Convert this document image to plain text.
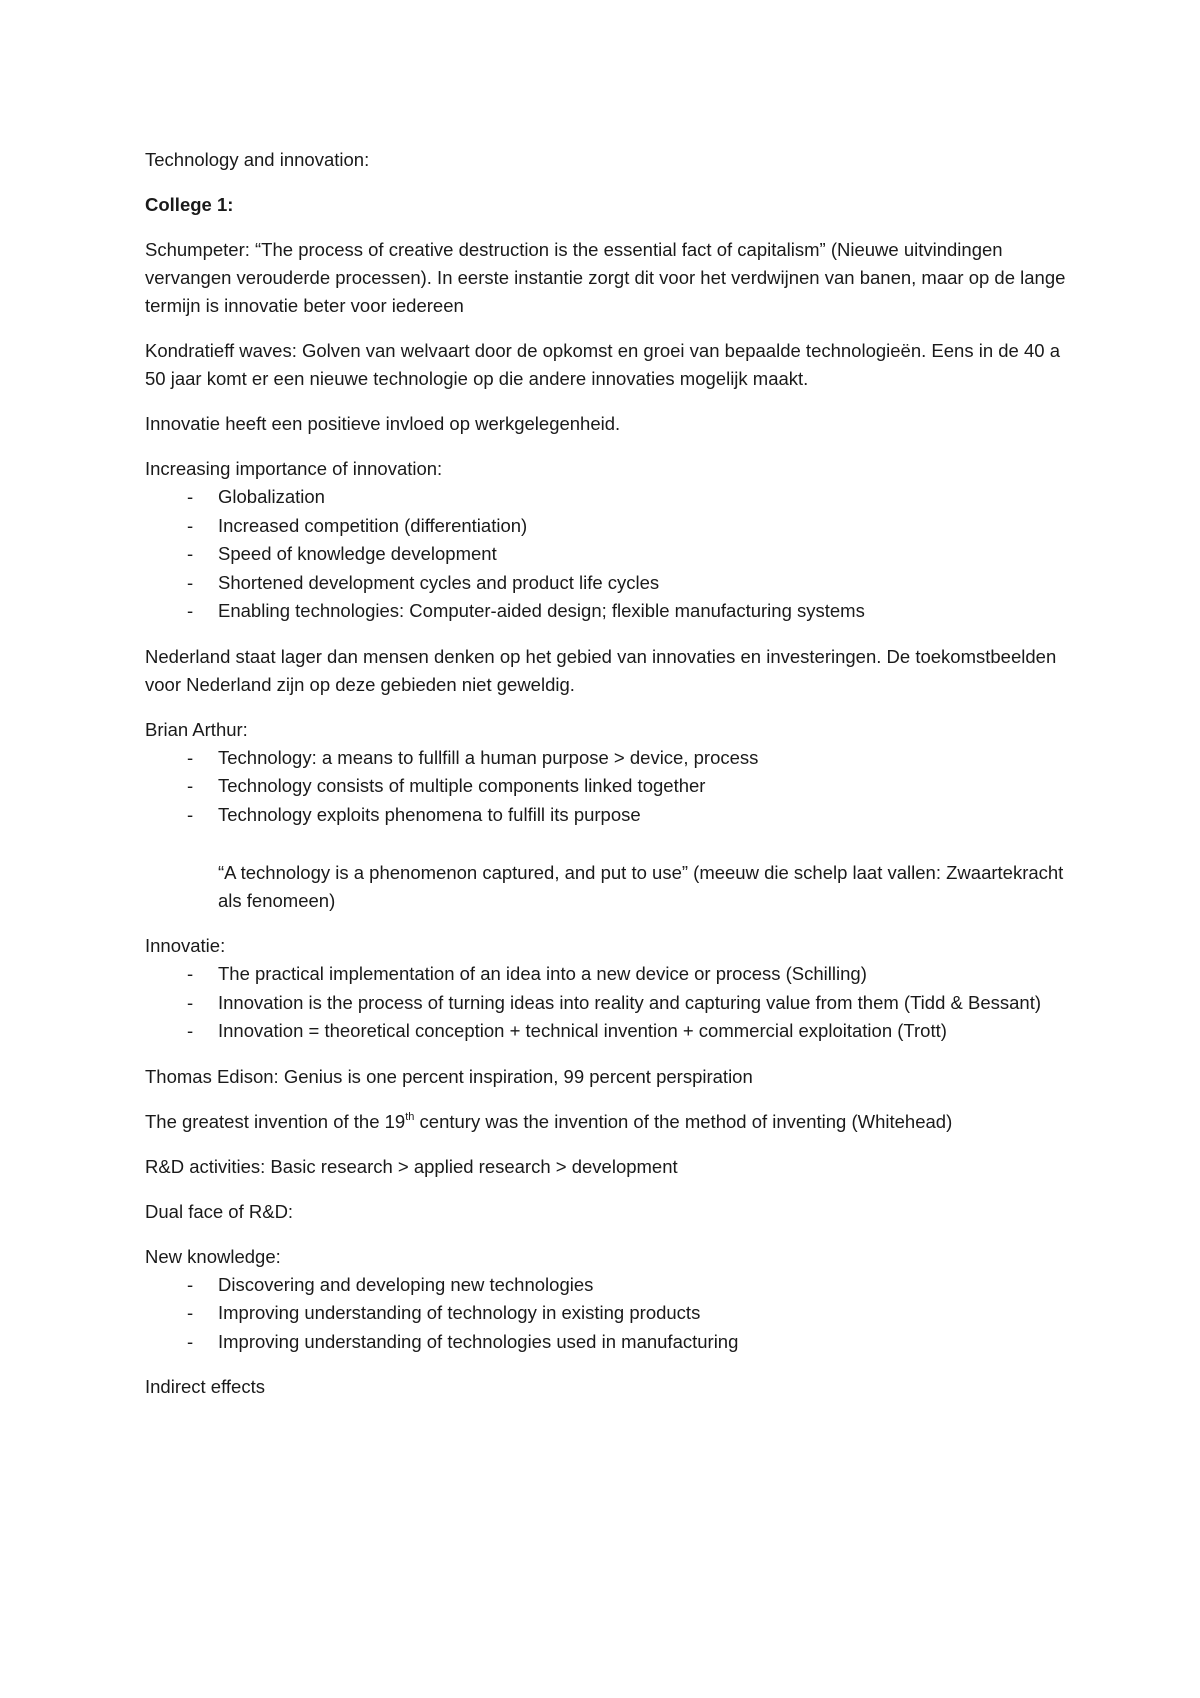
Technology and innovation:

College 1:

Schumpeter: “The process of creative destruction is the essential fact of capitalism” (Nieuwe uitvindingen vervangen verouderde processen). In eerste instantie zorgt dit voor het verdwijnen van banen, maar op de lange termijn is innovatie beter voor iedereen

Kondratieff waves: Golven van welvaart door de opkomst en groei van bepaalde technologieën. Eens in de 40 a 50 jaar komt er een nieuwe technologie op die andere innovaties mogelijk maakt.

Innovatie heeft een positieve invloed op werkgelegenheid.

Increasing importance of innovation:

- Globalization
- Increased competition (differentiation)
- Speed of knowledge development
- Shortened development cycles and product life cycles
- Enabling technologies: Computer-aided design; flexible manufacturing systems

Nederland staat lager dan mensen denken op het gebied van innovaties en investeringen. De toekomstbeelden voor Nederland zijn op deze gebieden niet geweldig.

Brian Arthur:

- Technology: a means to fullfill a human purpose > device, process
- Technology consists of multiple components linked together
- Technology exploits phenomena to fulfill its purpose

“A technology is a phenomenon captured, and put to use” (meeuw die schelp laat vallen: Zwaartekracht als fenomeen)

Innovatie:

- The practical implementation of an idea into a new device or process (Schilling)
- Innovation is the process of turning ideas into reality and capturing value from them (Tidd & Bessant)
- Innovation = theoretical conception + technical invention + commercial exploitation (Trott)

Thomas Edison: Genius is one percent inspiration, 99 percent perspiration

The greatest invention of the 19th century was the invention of the method of inventing (Whitehead)

R&D activities: Basic research > applied research > development

Dual face of R&D:

New knowledge:

- Discovering and developing new technologies
- Improving understanding of technology in existing products
- Improving understanding of technologies used in manufacturing

Indirect effects
